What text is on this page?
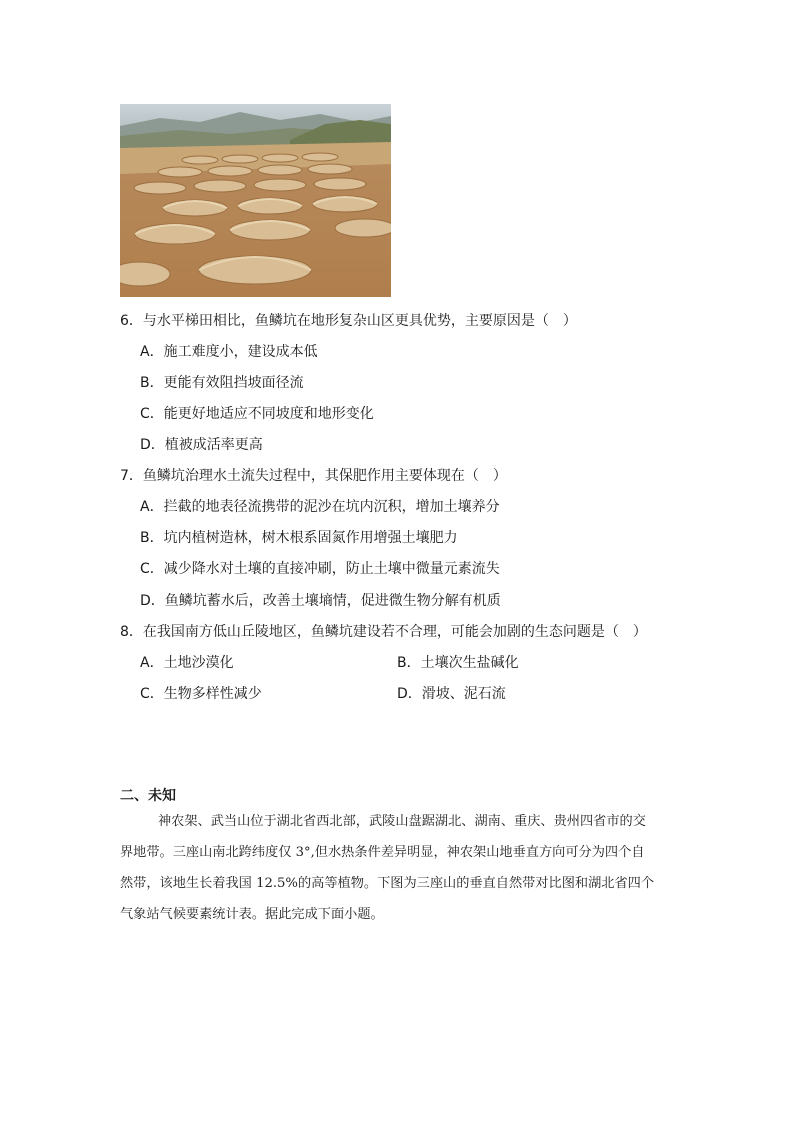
6．与水平梯田相比，鱼鳞坑在地形复杂山区更具优势，主要原因是（　）
A．施工难度小，建设成本低
B．更能有效阻挡坡面径流
C．能更好地适应不同坡度和地形变化
D．植被成活率更高
7．鱼鳞坑治理水土流失过程中，其保肥作用主要体现在（　）
A．拦截的地表径流携带的泥沙在坑内沉积，增加土壤养分
B．坑内植树造林，树木根系固氮作用增强土壤肥力
C．减少降水对土壤的直接冲刷，防止土壤中微量元素流失
D．鱼鳞坑蓄水后，改善土壤墒情，促进微生物分解有机质
8．在我国南方低山丘陵地区，鱼鳞坑建设若不合理，可能会加剧的生态问题是（　）
A．土地沙漠化	B．土壤次生盐碱化
C．生物多样性减少	D．滑坡、泥石流
二、未知
神农架、武当山位于湖北省西北部，武陵山盘踞湖北、湖南、重庆、贵州四省市的交
界地带。三座山南北跨纬度仅 3°,但水热条件差异明显，神农架山地垂直方向可分为四个自
然带，该地生长着我国 12.5%的高等植物。下图为三座山的垂直自然带对比图和湖北省四个
气象站气候要素统计表。据此完成下面小题。
